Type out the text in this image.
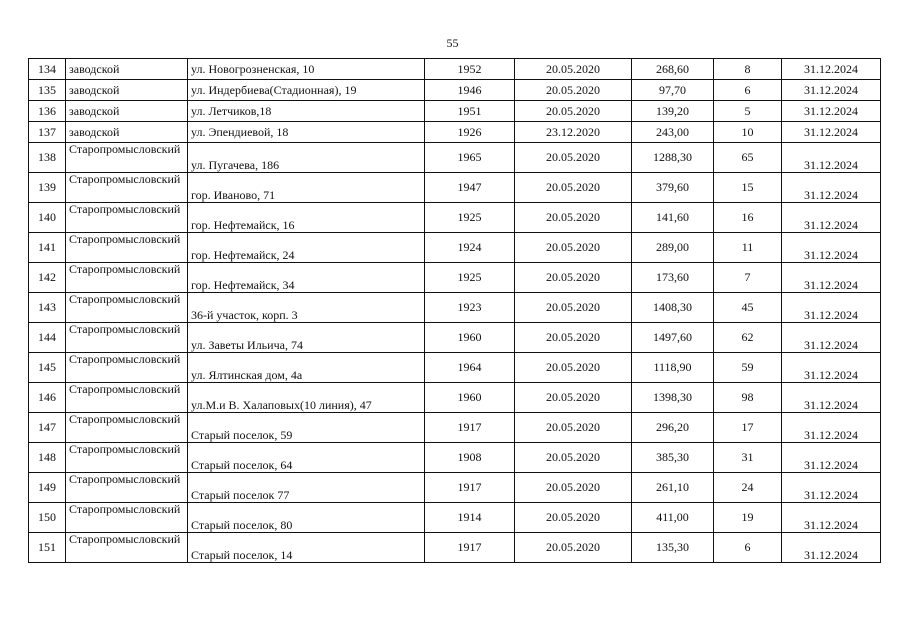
55
134	заводской	ул. Новогрозненская, 10	1952	20.05.2020	268,60	8	31.12.2024
135	заводской	ул. Индербиева(Стадионная), 19	1946	20.05.2020	97,70	6	31.12.2024
136	заводской	ул. Летчиков,18	1951	20.05.2020	139,20	5	31.12.2024
137	заводской	ул. Эпендиевой, 18	1926	23.12.2020	243,00	10	31.12.2024
138	Старопромысловский	ул. Пугачева, 186	1965	20.05.2020	1288,30	65	31.12.2024
139	Старопромысловский	гор. Иваново, 71	1947	20.05.2020	379,60	15	31.12.2024
140	Старопромысловский	гор. Нефтемайск, 16	1925	20.05.2020	141,60	16	31.12.2024
141	Старопромысловский	гор. Нефтемайск, 24	1924	20.05.2020	289,00	11	31.12.2024
142	Старопромысловский	гор. Нефтемайск, 34	1925	20.05.2020	173,60	7	31.12.2024
143	Старопромысловский	36-й участок, корп. 3	1923	20.05.2020	1408,30	45	31.12.2024
144	Старопромысловский	ул. Заветы Ильича, 74	1960	20.05.2020	1497,60	62	31.12.2024
145	Старопромысловский	ул. Ялтинская дом, 4а	1964	20.05.2020	1118,90	59	31.12.2024
146	Старопромысловский	ул.М.и В. Халаповых(10 линия), 47	1960	20.05.2020	1398,30	98	31.12.2024
147	Старопромысловский	Старый поселок, 59	1917	20.05.2020	296,20	17	31.12.2024
148	Старопромысловский	Старый поселок, 64	1908	20.05.2020	385,30	31	31.12.2024
149	Старопромысловский	Старый поселок 77	1917	20.05.2020	261,10	24	31.12.2024
150	Старопромысловский	Старый поселок, 80	1914	20.05.2020	411,00	19	31.12.2024
151	Старопромысловский	Старый поселок, 14	1917	20.05.2020	135,30	6	31.12.2024
